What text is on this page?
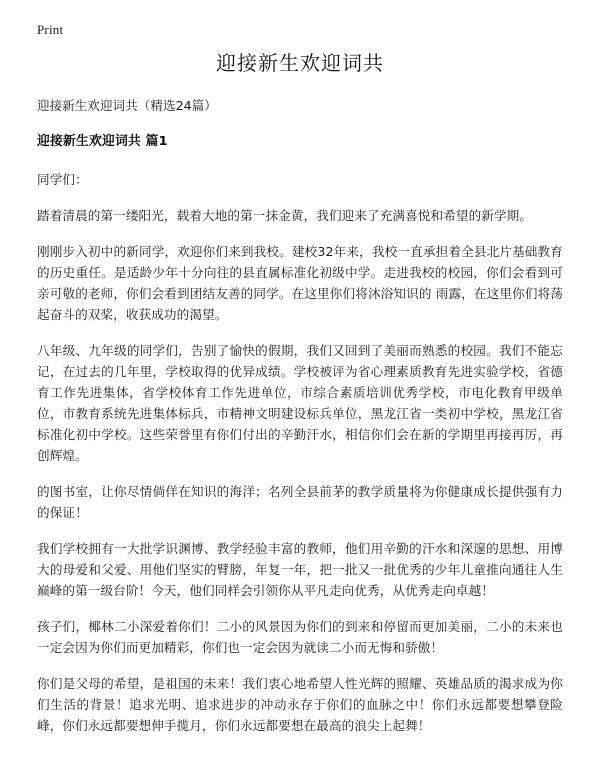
Print
迎接新生欢迎词共

迎接新生欢迎词共（精选24篇）

迎接新生欢迎词共 篇1

同学们：

踏着清晨的第一缕阳光，载着大地的第一抹金黄，我们迎来了充满喜悦和希望的新学期。

刚刚步入初中的新同学，欢迎你们来到我校。建校32年来，我校一直承担着全县北片基础教育的历史重任。是适龄少年十分向往的县直属标准化初级中学。走进我校的校园，你们会看到可亲可敬的老师，你们会看到团结友善的同学。在这里你们将沐浴知识的 雨露，在这里你们将荡起奋斗的双桨，收获成功的渴望。

八年级、九年级的同学们，告别了愉快的假期，我们又回到了美丽而熟悉的校园。我们不能忘记，在过去的几年里，学校取得的优异成绩。学校被评为省心理素质教育先进实验学校，省德育工作先进集体，省学校体育工作先进单位，市综合素质培训优秀学校，市电化教育甲级单位，市教育系统先进集体标兵，市精神文明建设标兵单位，黑龙江省一类初中学校，黑龙江省标准化初中学校。这些荣誉里有你们付出的辛勤汗水，相信你们会在新的学期里再接再厉，再创辉煌。

的图书室，让你尽情倘佯在知识的海洋；名列全县前茅的教学质量将为你健康成长提供强有力的保证！

我们学校拥有一大批学识渊博、教学经验丰富的教师，他们用辛勤的汗水和深邃的思想、用博大的母爱和父爱、用他们坚实的臂膀，年复一年，把一批又一批优秀的少年儿童推向通往人生巅峰的第一级台阶！今天，他们同样会引领你从平凡走向优秀，从优秀走向卓越！

孩子们，椰林二小深爱着你们！二小的风景因为你们的到来和停留而更加美丽，二小的未来也一定会因为你们而更加精彩，你们也一定会因为就读二小而无悔和骄傲！

你们是父母的希望，是祖国的未来！我们衷心地希望人性光辉的照耀、英雄品质的渴求成为你们生活的背景！追求光明、追求进步的冲动永存于你们的血脉之中！你们永远都要想攀登险峰，你们永远都要想伸手揽月，你们永远都要想在最高的浪尖上起舞！
